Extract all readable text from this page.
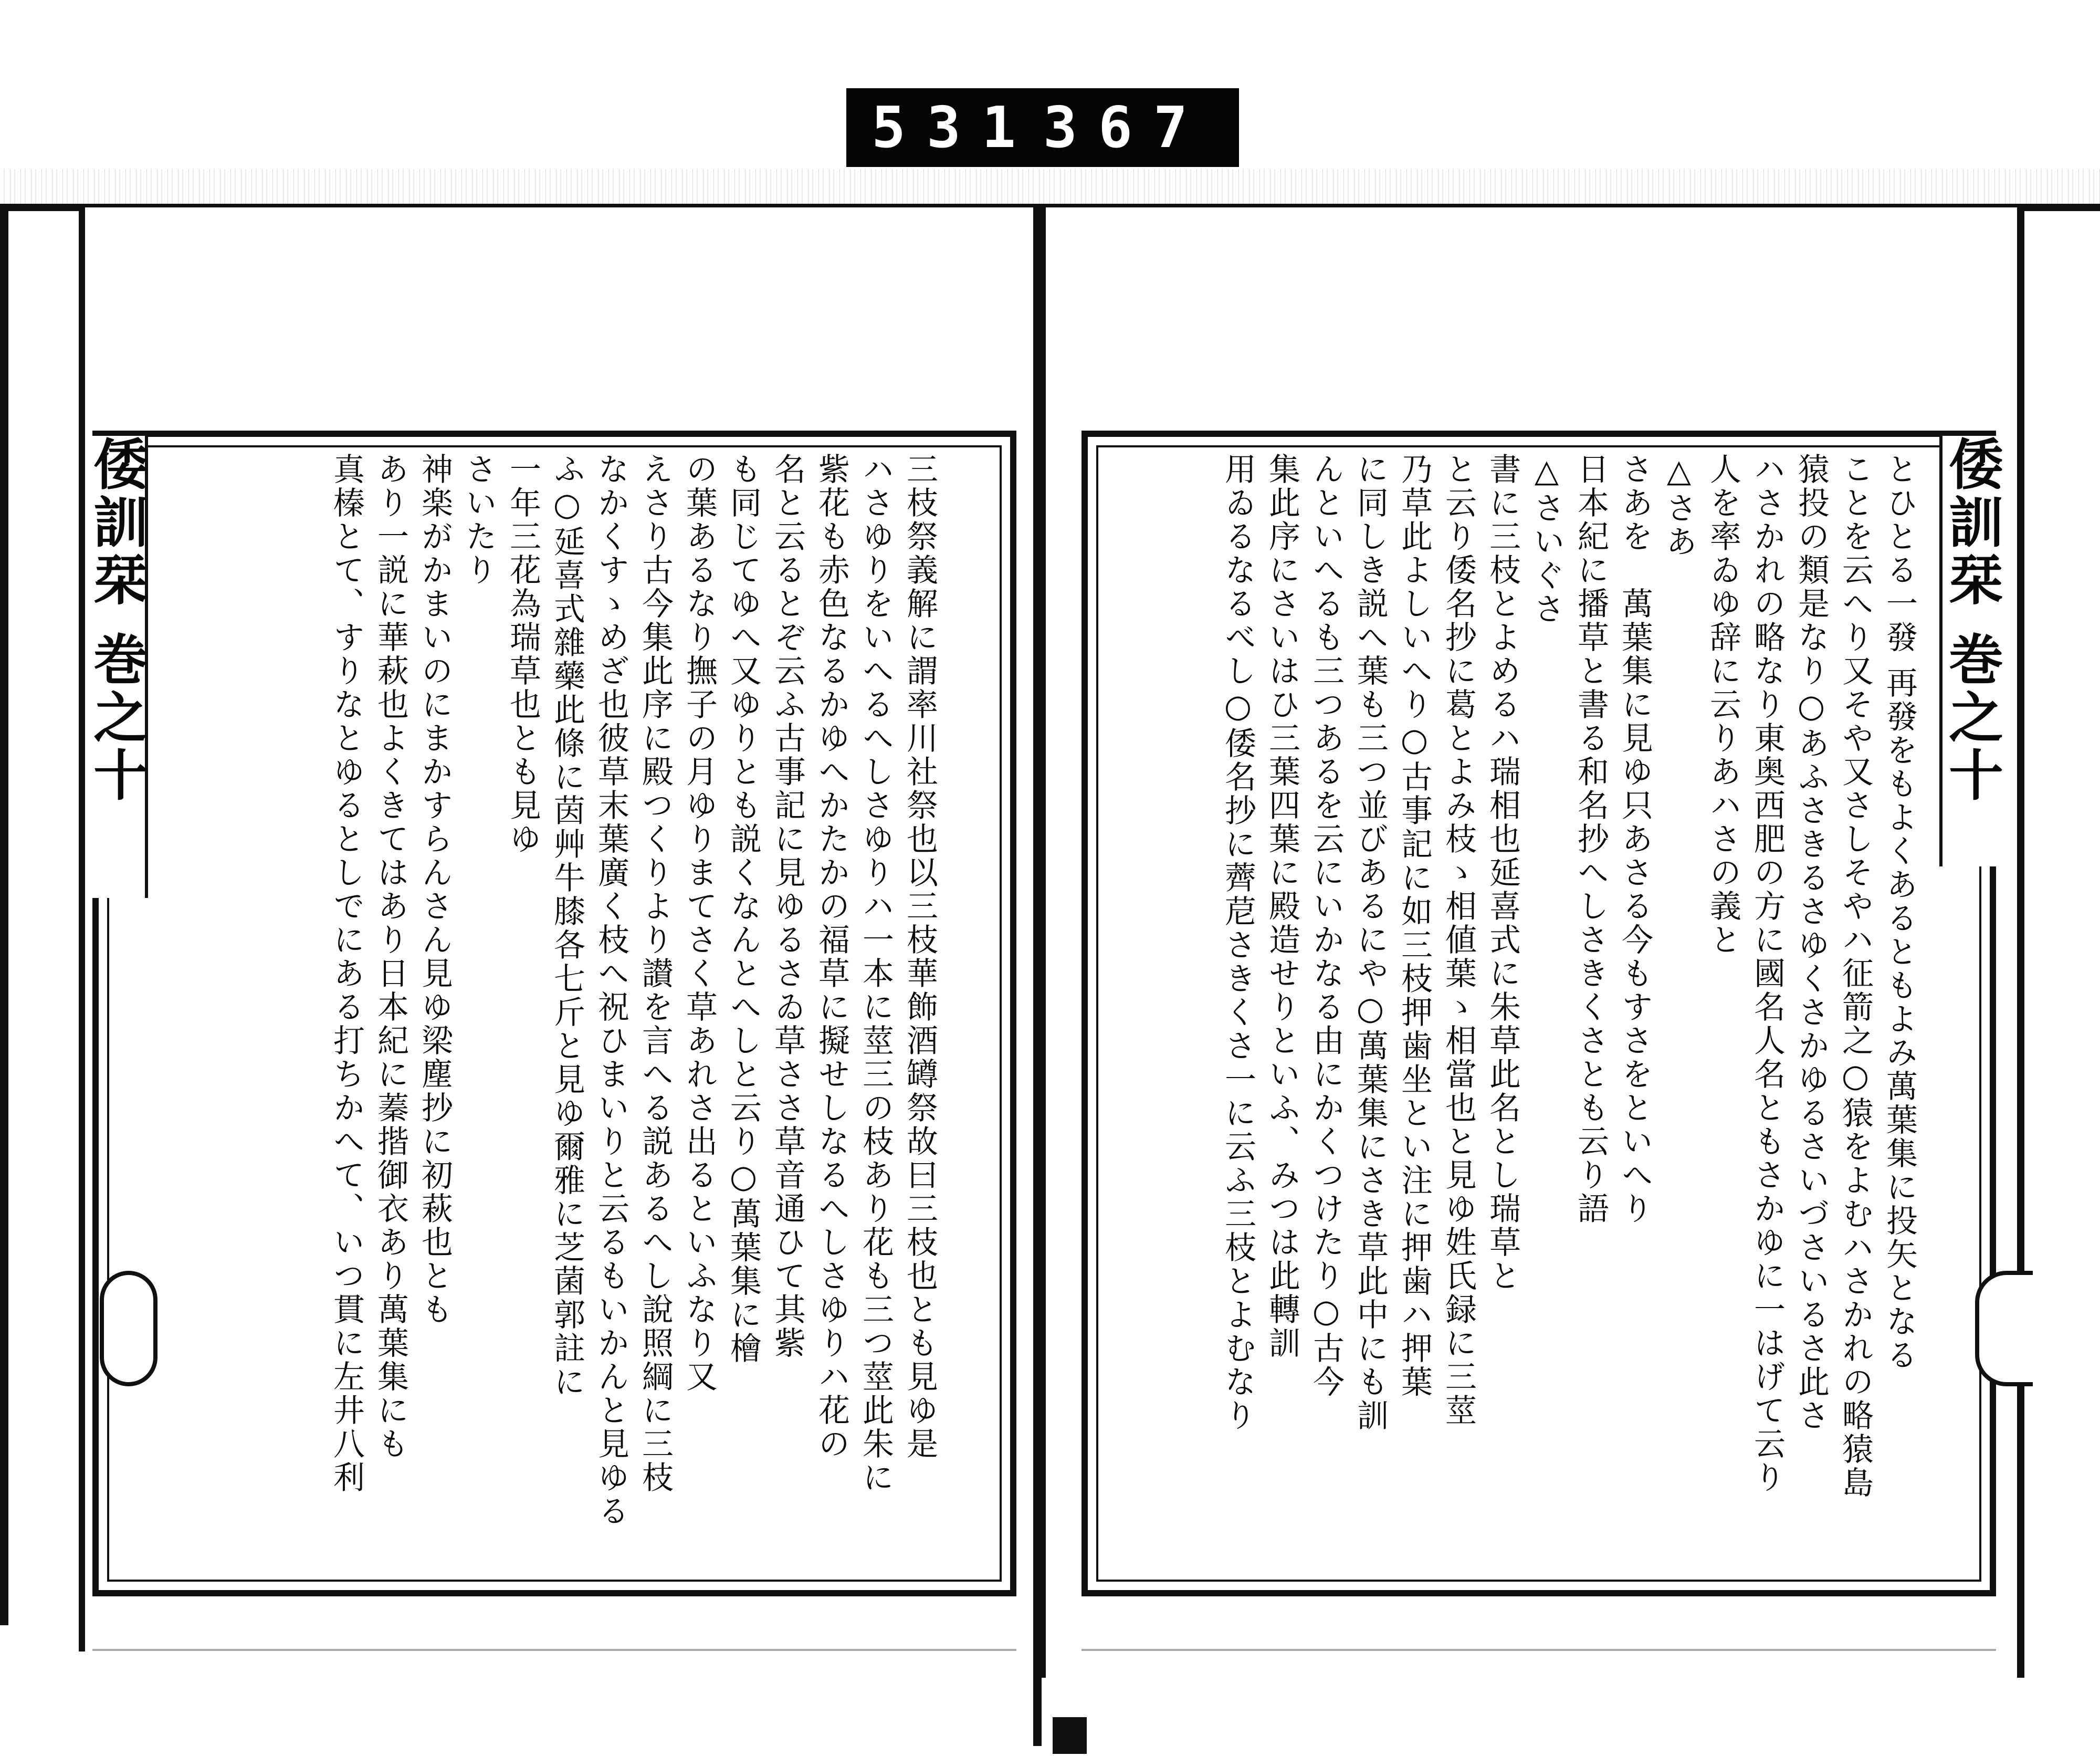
531 367
三枝祭義解に謂率川社祭也以三枝華飾酒罇祭故曰三枝也とも見ゆ是
ハさゆりをいへるへしさゆりハ一本に莖三の枝あり花も三つ莖此朱に
紫花も赤色なるかゆへかたかの福草に擬せしなるへしさゆりハ花の
名と云るとぞ云ふ古事記に見ゆるさゐ草ささ草音通ひて其紫
も同じてゆへ又ゆりとも説くなんとへしと云り○萬葉集に檜
の葉あるなり撫子の月ゆりまてさく草あれさ出るといふなり又
えさり古今集此序に殿つくりより讃を言へる説あるへし說照綱に三枝
なかくすゝめざ也彼草末葉廣く枝へ祝ひまいりと云るもいかんと見ゆる
ふ○延喜式雜藥此條に茵艸牛膝各七斤と見ゆ爾雅に芝菌郭註に
一年三花為瑞草也とも見ゆ
さいたり
神楽がかまいのにまかすらんさん見ゆ梁塵抄に初萩也とも
あり一説に華萩也よくきてはあり日本紀に蓁揩御衣あり萬葉集にも
真榛とて、すりなとゆるとしでにある打ちかへて、いつ貫に左井八利	とひとる一發 再發をもよくあるともよみ萬葉集に投矢となる
ことを云へり又そや又さしそやハ征箭之○猿をよむハさかれの略猿島
猿投の類是なり○あふさきるさゆくさかゆるさいづさいるさ此さ
ハさかれの略なり東奥西肥の方に國名人名ともさかゆに一はげて云り
人を率ゐゆ辞に云りあハさの義と
△さあ
さあを　萬葉集に見ゆ只あさる今もすさをといへり
日本紀に播草と書る和名抄へしさきくさとも云り語
△さいぐさ
書に三枝とよめるハ瑞相也延喜式に朱草此名とし瑞草と
と云り倭名抄に葛とよみ枝ゝ相値葉ゝ相當也と見ゆ姓氏録に三莖
乃草此よしいへり○古事記に如三枝押歯坐とい注に押歯ハ押葉
に同しき説へ葉も三つ並びあるにや○萬葉集にさき草此中にも訓
んといへるも三つあるを云にいかなる由にかくつけたり○古今
集此序にさいはひ三葉四葉に殿造せりといふ、みつは此轉訓
用ゐるなるべし○倭名抄に薺苨さきくさ一に云ふ三枝とよむなり
倭訓栞 巻之十	倭訓栞 巻之十
